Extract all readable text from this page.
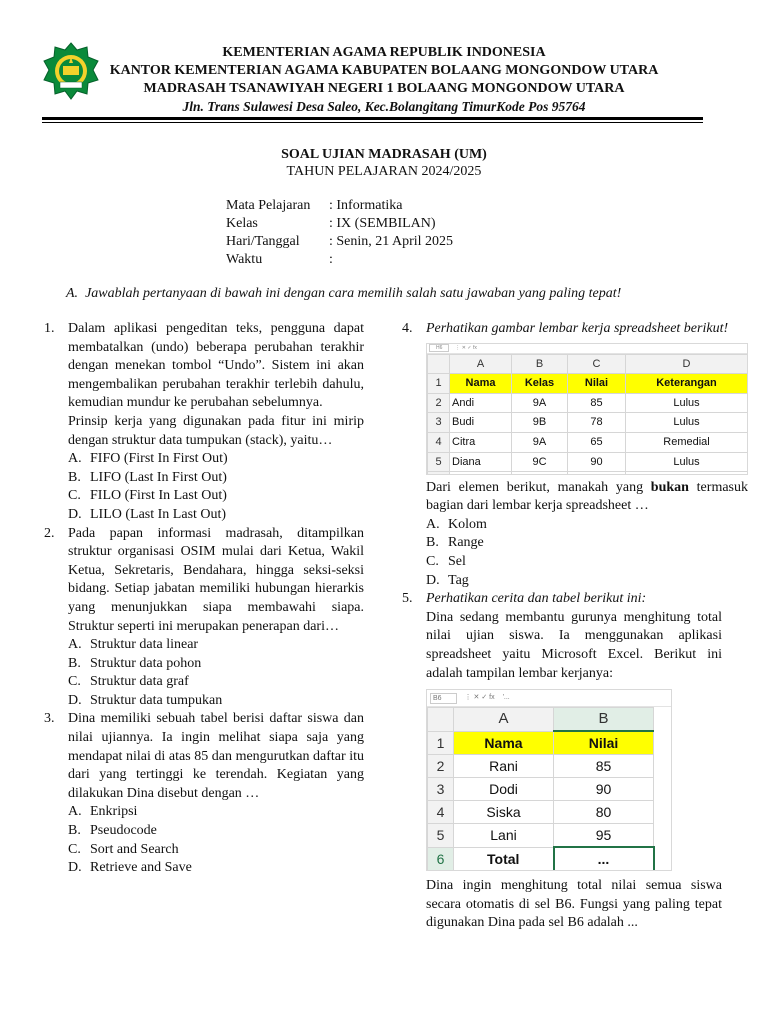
KEMENTERIAN AGAMA REPUBLIK INDONESIA
KANTOR KEMENTERIAN AGAMA KABUPATEN BOLAANG MONGONDOW UTARA
MADRASAH TSANAWIYAH NEGERI 1 BOLAANG MONGONDOW UTARA
Jln. Trans Sulawesi Desa Saleo, Kec.Bolangitang TimurKode Pos 95764
SOAL UJIAN MADRASAH (UM)
TAHUN PELAJARAN 2024/2025
Mata Pelajaran	: Informatika
Kelas	: IX (SEMBILAN)
Hari/Tanggal	: Senin, 21 April 2025
Waktu	:
A. Jawablah pertanyaan di bawah ini dengan cara memilih salah satu jawaban yang paling tepat!
1. Dalam aplikasi pengeditan teks, pengguna dapat membatalkan (undo) beberapa perubahan terakhir dengan menekan tombol “Undo”. Sistem ini akan mengembalikan perubahan terakhir terlebih dahulu, kemudian mundur ke perubahan sebelumnya.
Prinsip kerja yang digunakan pada fitur ini mirip dengan struktur data tumpukan (stack), yaitu…
A. FIFO (First In First Out)
B. LIFO (Last In First Out)
C. FILO (First In Last Out)
D. LILO (Last In Last Out)
2. Pada papan informasi madrasah, ditampilkan struktur organisasi OSIM mulai dari Ketua, Wakil Ketua, Sekretaris, Bendahara, hingga seksi-seksi bidang. Setiap jabatan memiliki hubungan hierarkis yang menunjukkan siapa membawahi siapa. Struktur seperti ini merupakan penerapan dari…
A. Struktur data linear
B. Struktur data pohon
C. Struktur data graf
D. Struktur data tumpukan
3. Dina memiliki sebuah tabel berisi daftar siswa dan nilai ujiannya. Ia ingin melihat siapa saja yang mendapat nilai di atas 85 dan mengurutkan daftar itu dari yang tertinggi ke terendah. Kegiatan yang dilakukan Dina disebut dengan …
A. Enkripsi
B. Pseudocode
C. Sort and Search
D. Retrieve and Save
4. Perhatikan gambar lembar kerja spreadsheet berikut!
H6	⋮ ✕ ✓ fx
	A	B	C	D
1	Nama	Kelas	Nilai	Keterangan
2	Andi	9A	85	Lulus
3	Budi	9B	78	Lulus
4	Citra	9A	65	Remedial
5	Diana	9C	90	Lulus

Dari elemen berikut, manakah yang bukan termasuk bagian dari lembar kerja spreadsheet …
A. Kolom
B. Range
C. Sel
D. Tag
5. Perhatikan cerita dan tabel berikut ini:
Dina sedang membantu gurunya menghitung total nilai ujian siswa. Ia menggunakan aplikasi spreadsheet yaitu Microsoft Excel. Berikut ini adalah tampilan lembar kerjanya:
B6	⋮ ✕ ✓ fx '...
	A	B
1	Nama	Nilai
2	Rani	85
3	Dodi	90
4	Siska	80
5	Lani	95
6	Total	...
Dina ingin menghitung total nilai semua siswa secara otomatis di sel B6. Fungsi yang paling tepat digunakan Dina pada sel B6 adalah ...
